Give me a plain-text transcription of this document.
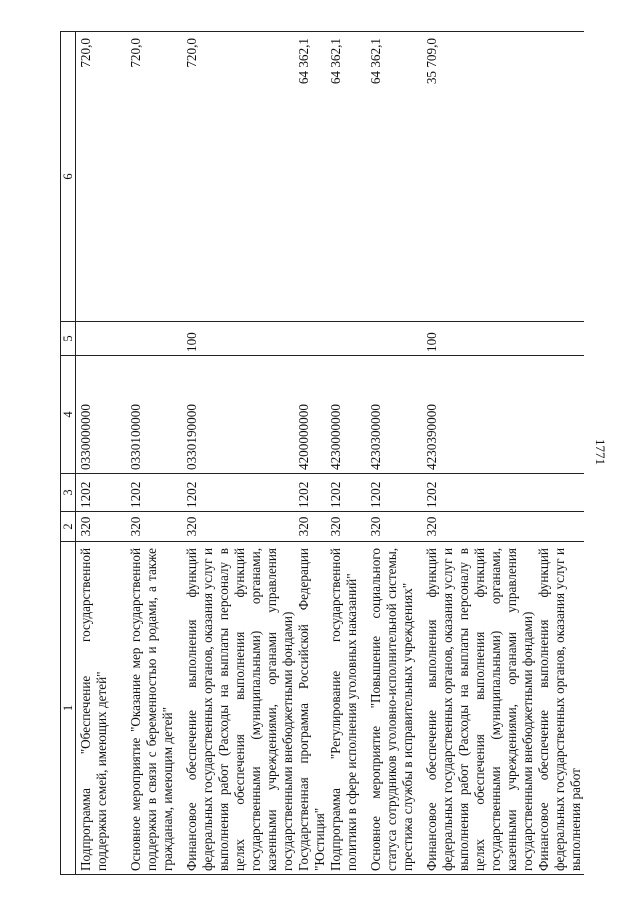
1771
1	2	3	4	5	6
Подпрограмма "Обеспечение государственной поддержки семей, имеющих детей"	320	1202	0330000000		720,0
Основное мероприятие "Оказание мер государственной поддержки в связи с беременностью и родами, а также гражданам, имеющим детей"	320	1202	0330100000		720,0
Финансовое обеспечение выполнения функций федеральных государственных органов, оказания услуг и выполнения работ (Расходы на выплаты персоналу в целях обеспечения выполнения функций государственными (муниципальными) органами, казенными учреждениями, органами управления государственными внебюджетными фондами)	320	1202	0330190000	100	720,0
Государственная программа Российской Федерации "Юстиция"	320	1202	4200000000		64 362,1
Подпрограмма "Регулирование государственной политики в сфере исполнения уголовных наказаний"	320	1202	4230000000		64 362,1
Основное мероприятие "Повышение социального статуса сотрудников уголовно-исполнительной системы, престижа службы в исправительных учреждениях"	320	1202	4230300000		64 362,1
Финансовое обеспечение выполнения функций федеральных государственных органов, оказания услуг и выполнения работ (Расходы на выплаты персоналу в целях обеспечения выполнения функций государственными (муниципальными) органами, казенными учреждениями, органами управления государственными внебюджетными фондами)	320	1202	4230390000	100	35 709,0
Финансовое обеспечение выполнения функций федеральных государственных органов, оказания услуг и выполнения работ					
